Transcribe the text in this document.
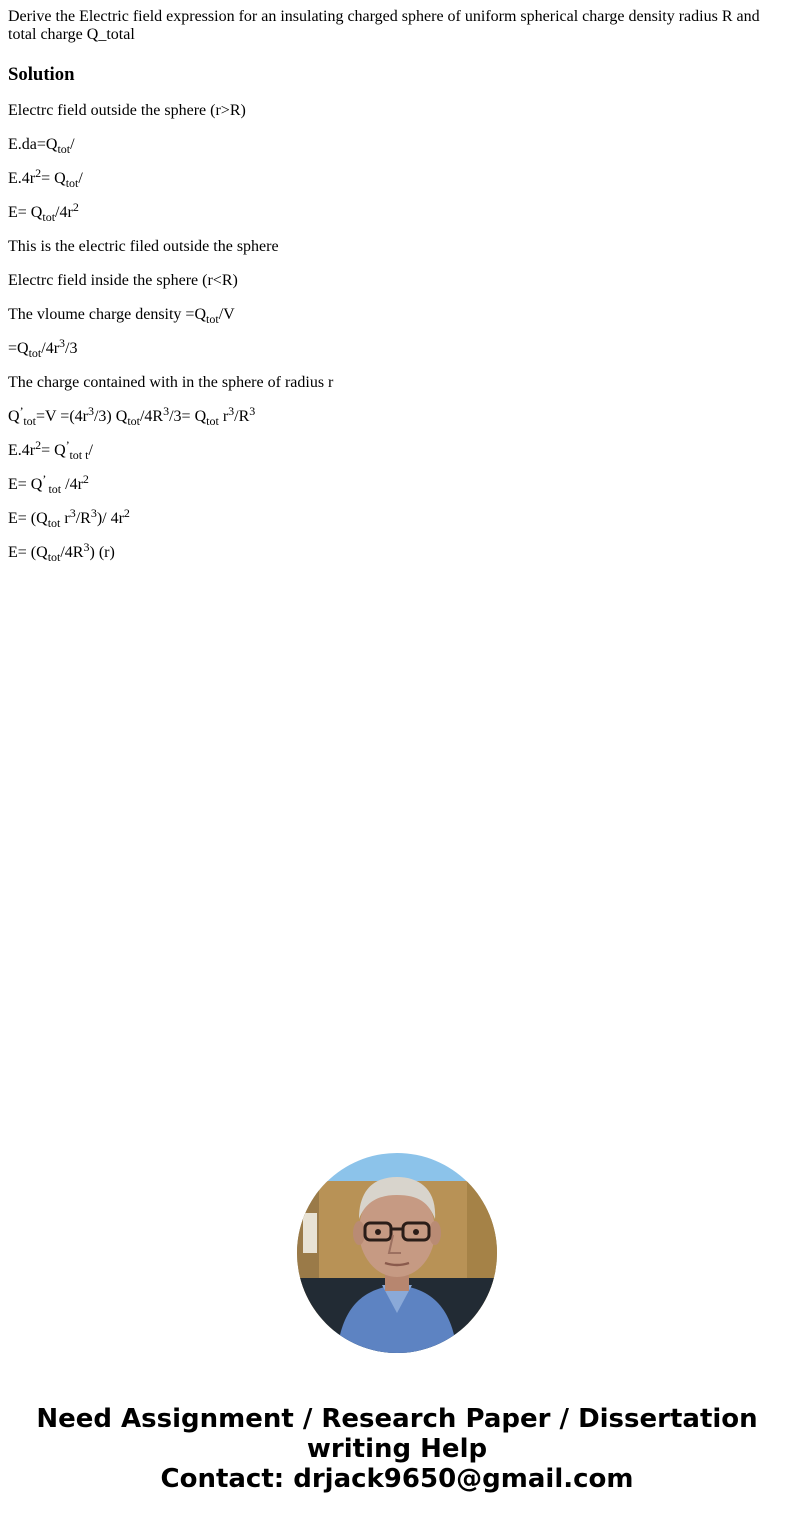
Derive the Electric field expression for an insulating charged sphere of uniform spherical charge density radius R and total charge Q_total

Solution

Electrc field outside the sphere (r>R)

$E.da=Q_{tot}/$

$E.4r^2= Q_{tot}/$

$E= Q_{tot}/4r^2$

This is the electric filed outside the sphere

Electrc field inside the sphere (r<R)

The vloume charge density $=Q_{tot}/V$

$=Q_{tot}/4r^3/3$

The charge contained with in the sphere of radius r

$Q^’_{tot}=V =(4r^3/3)$ $Q_{tot}/4R^3/3= Q_{tot}$ $r^3/R^3$

$E.4r^2= Q^’_{tot t}/$

E= Q’ $_{tot}$ $/4r^2$

$E= (Q_{tot}$ $r^3/R^3)/$ $4r^2$

$E= (Q_{tot}/4R^3)$ (r)

Need Assignment / Research Paper / Dissertation
writing Help
Contact: drjack9650@gmail.com
